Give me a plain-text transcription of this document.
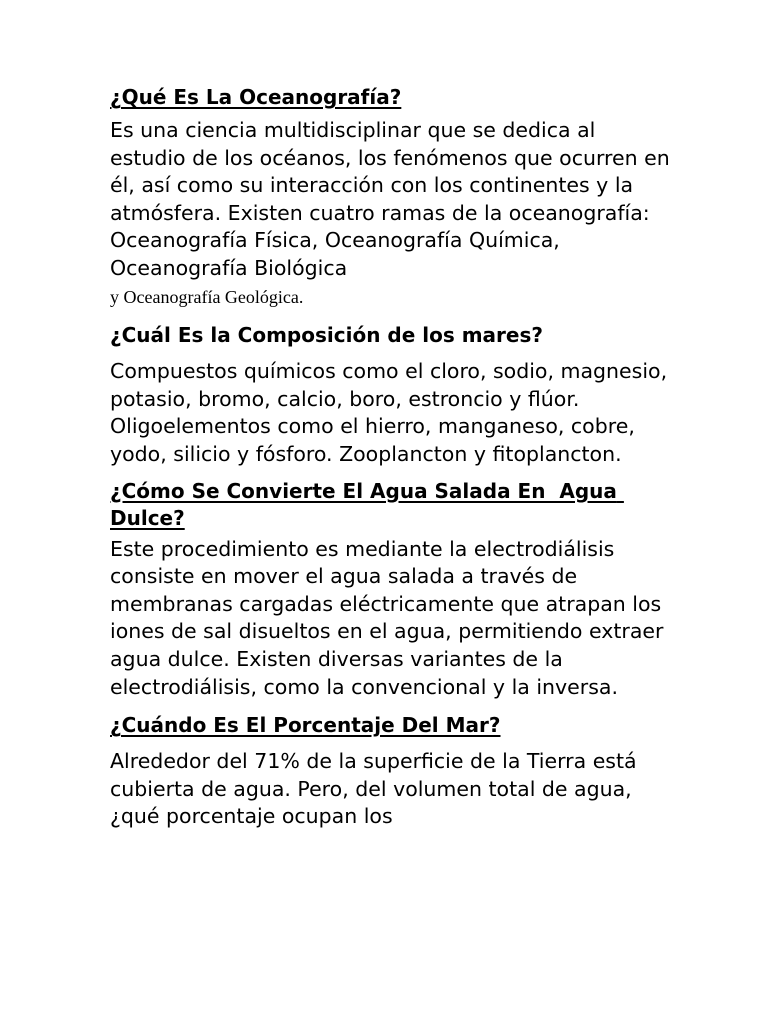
¿Qué Es La Oceanografía?

Es una ciencia multidisciplinar que se dedica al estudio de los océanos, los fenómenos que ocurren en él, así como su interacción con los continentes y la atmósfera. Existen cuatro ramas de la oceanografía: Oceanografía Física, Oceanografía Química, Oceanografía Biológica
y Oceanografía Geológica.

¿Cuál Es la Composición de los mares?

Compuestos químicos como el cloro, sodio, magnesio, potasio, bromo, calcio, boro, estroncio y flúor. Oligoelementos como el hierro, manganeso, cobre, yodo, silicio y fósforo. Zooplancton y fitoplancton.

¿Cómo Se Convierte El Agua Salada En  Agua Dulce?

Este procedimiento es mediante la electrodiálisis consiste en mover el agua salada a través de membranas cargadas eléctricamente que atrapan los iones de sal disueltos en el agua, permitiendo extraer agua dulce. Existen diversas variantes de la electrodiálisis, como la convencional y la inversa.

¿Cuándo Es El Porcentaje Del Mar?

Alrededor del 71% de la superficie de la Tierra está cubierta de agua. Pero, del volumen total de agua, ¿qué porcentaje ocupan los
